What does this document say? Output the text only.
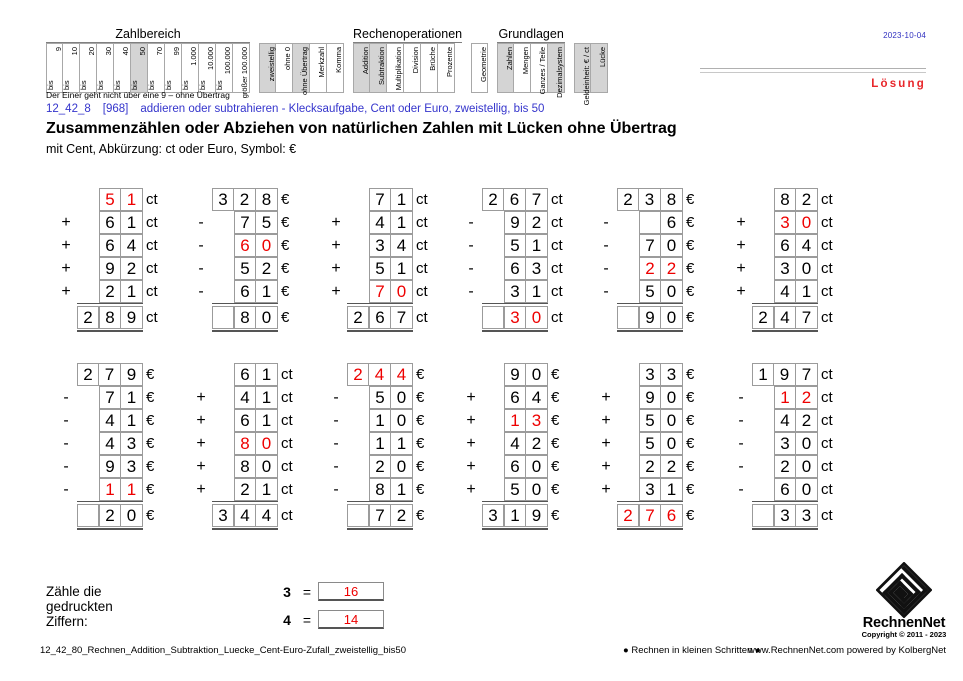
Zahlbereich
9
bis
10
bis
20
bis
30
bis
40
bis
50
bis
70
bis
99
bis
1.000
bis
10.000
bis
100.000
bis größer 100.000 zweistellig ohne 0 ohne Übertrag Merkzahl Komma
Rechenoperationen
Addition Subtraktion Multiplikation Division Brüche Prozente	Geometrie
Grundlagen
Zahlen Mengen Ganzes / Teile Dezimalsystem Geldeinheit: € / ct Lücke
Der Einer geht nicht über eine 9 – ohne Übertrag
2023-10-04
Lösung
12_42_8 [968] addieren oder subtrahieren - Klecksaufgabe, Cent oder Euro, zweistellig, bis 50
Zusammenzählen oder Abziehen von natürlichen Zahlen mit Lücken ohne Übertrag
mit Cent, Abkürzung: ct oder Euro, Symbol: €
5 1 ct
+	6 1 ct
+	6 4 ct
+	9 2 ct
+	2 1 ct
2 8 9 ct
3 2 8 €
-	7 5 €
-	6 0 €
-	5 2 €
-	6 1 €
8 0 €
7 1 ct
+	4 1 ct
+	3 4 ct
+	5 1 ct
+	7 0 ct
2 6 7 ct
2 6 7 ct
-	9 2 ct
-	5 1 ct
-	6 3 ct
-	3 1 ct
3 0 ct
2 3 8 €
-	6 €
-	7 0 €
-	2 2 €
-	5 0 €
9 0 €
8 2 ct
+	3 0 ct
+	6 4 ct
+	3 0 ct
+	4 1 ct
2 4 7 ct
2 7 9 €
-	7 1 €
-	4 1 €
-	4 3 €
-	9 3 €
-	1 1 €
2 0 €
6 1 ct
+	4 1 ct
+	6 1 ct
+	8 0 ct
+	8 0 ct
+	2 1 ct
3 4 4 ct
2 4 4 €
-	5 0 €
-	1 0 €
-	1 1 €
-	2 0 €
-	8 1 €
7 2 €
9 0 €
+	6 4 €
+	1 3 €
+	4 2 €
+	6 0 €
+	5 0 €
3 1 9 €
3 3 €
+	9 0 €
+	5 0 €
+	5 0 €
+	2 2 €
+	3 1 €
2 7 6 €
1 9 7 ct
-	1 2 ct
-	4 2 ct
-	3 0 ct
-	2 0 ct
-	6 0 ct
3 3 ct
Zähle die gedruckten Ziffern:
3 =	16
4 =	14	RechnenNet
Copyright © 2011 - 2023
12_42_80_Rechnen_Addition_Subtraktion_Luecke_Cent-Euro-Zufall_zweistellig_bis50	● Rechnen in kleinen Schritten ●
www.RechnenNet.com powered by KolbergNet
